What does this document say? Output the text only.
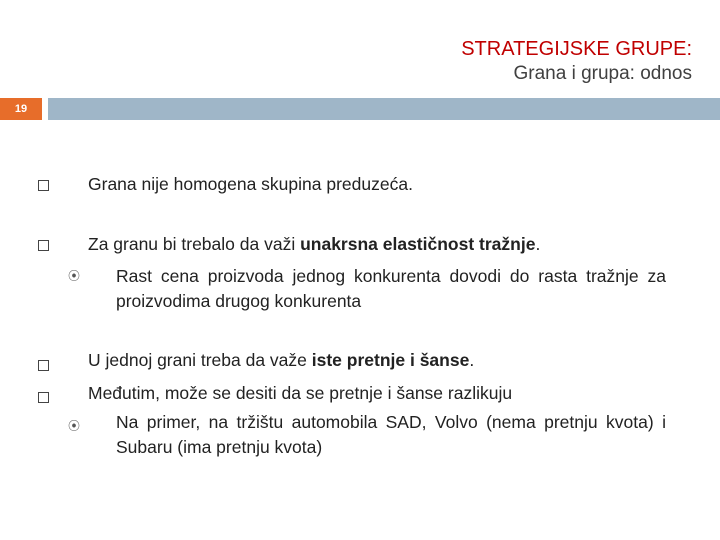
STRATEGIJSKE GRUPE:
Grana i grupa: odnos
19
Grana nije homogena skupina preduzeća.
Za granu bi trebalo da važi unakrsna elastičnost tražnje.
⦿ Rast cena proizvoda jednog konkurenta dovodi do rasta tražnje za proizvodima drugog konkurenta
U jednoj grani treba da važe iste pretnje i šanse.
Međutim, može se desiti da se pretnje i šanse razlikuju
⦿ Na primer, na tržištu automobila SAD, Volvo (nema pretnju kvota) i Subaru (ima pretnju kvota)
